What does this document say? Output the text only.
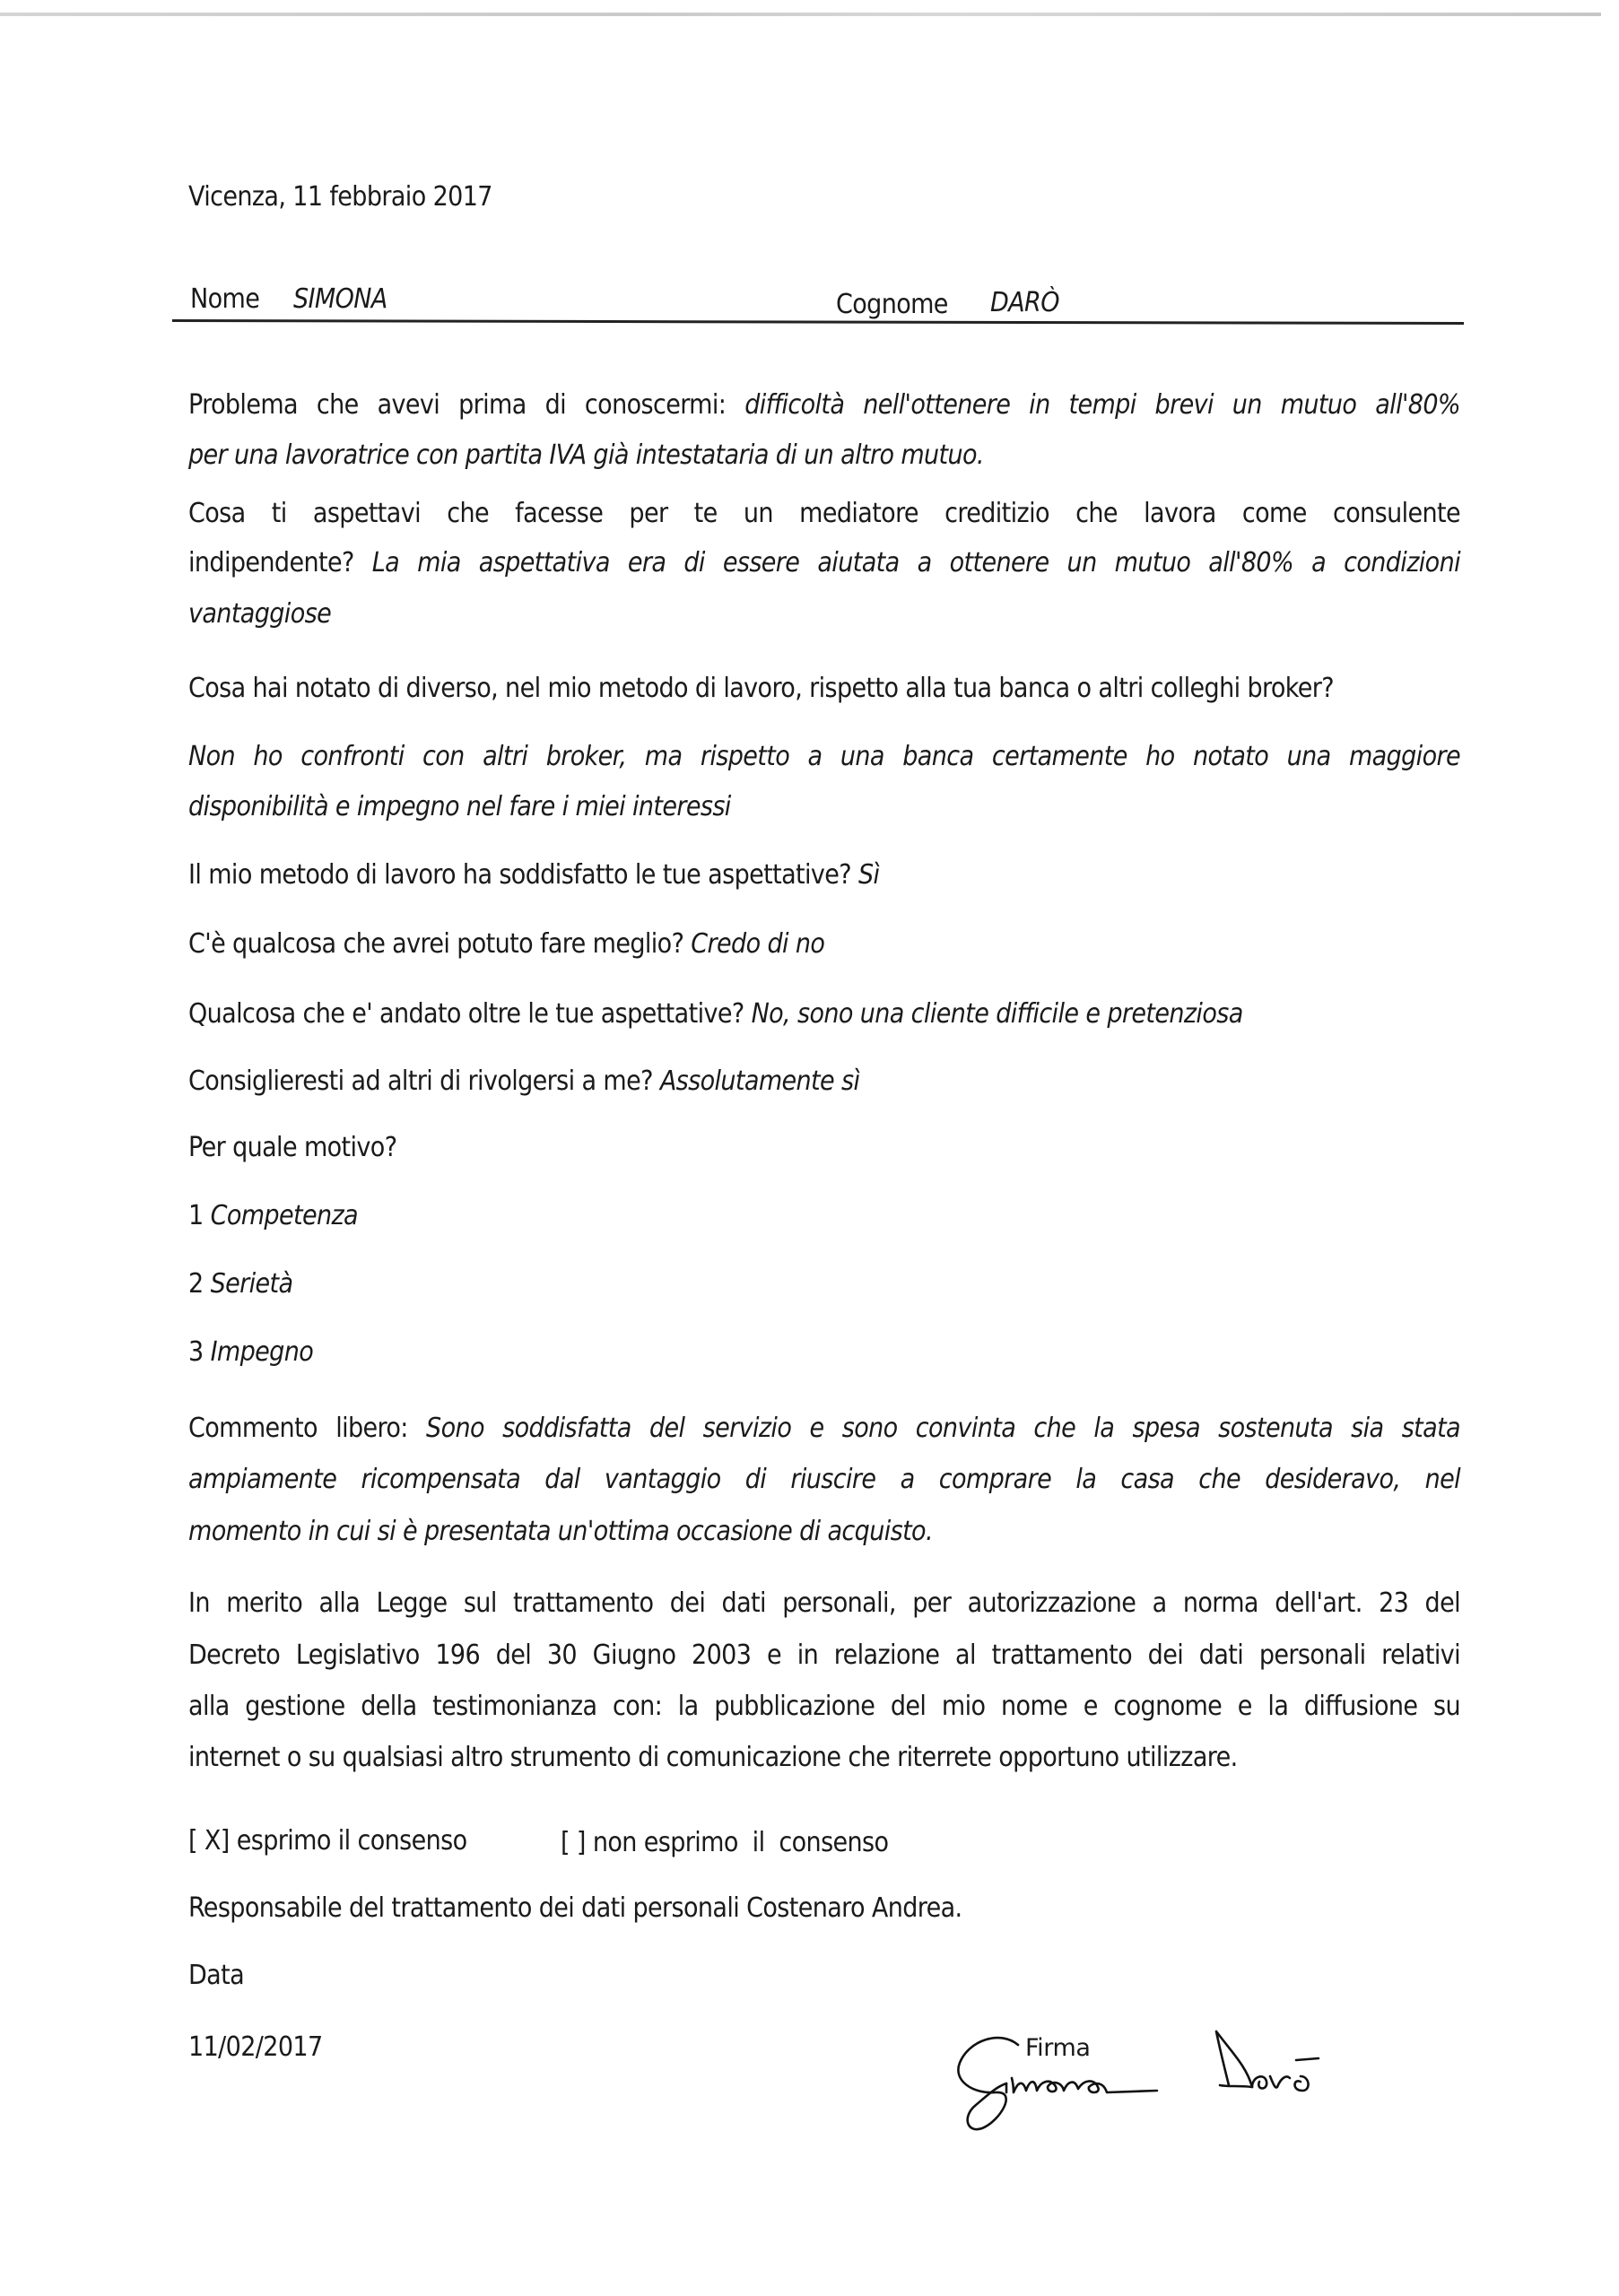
Vicenza, 11 febbraio 2017
Nome SIMONA	Cognome DARÒ
Problema che avevi prima di conoscermi: difficoltà nell'ottenere in tempi brevi un mutuo all'80%
per una lavoratrice con partita IVA già intestataria di un altro mutuo.
Cosa ti aspettavi che facesse per te un mediatore creditizio che lavora come consulente
indipendente? La mia aspettativa era di essere aiutata a ottenere un mutuo all'80% a condizioni
vantaggiose
Cosa hai notato di diverso, nel mio metodo di lavoro, rispetto alla tua banca o altri colleghi broker?
Non ho confronti con altri broker, ma rispetto a una banca certamente ho notato una maggiore
disponibilità e impegno nel fare i miei interessi
Il mio metodo di lavoro ha soddisfatto le tue aspettative? Sì
C'è qualcosa che avrei potuto fare meglio? Credo di no
Qualcosa che e' andato oltre le tue aspettative? No, sono una cliente difficile e pretenziosa
Consiglieresti ad altri di rivolgersi a me? Assolutamente sì
Per quale motivo?
1 Competenza
2 Serietà
3 Impegno
Commento libero: Sono soddisfatta del servizio e sono convinta che la spesa sostenuta sia stata
ampiamente ricompensata dal vantaggio di riuscire a comprare la casa che desideravo, nel
momento in cui si è presentata un'ottima occasione di acquisto.
In merito alla Legge sul trattamento dei dati personali, per autorizzazione a norma dell'art. 23 del
Decreto Legislativo 196 del 30 Giugno 2003 e in relazione al trattamento dei dati personali relativi
alla gestione della testimonianza con: la pubblicazione del mio nome e cognome e la diffusione su
internet o su qualsiasi altro strumento di comunicazione che riterrete opportuno utilizzare.
[ X] esprimo il consenso	[ ] non esprimo  il  consenso
Responsabile del trattamento dei dati personali Costenaro Andrea.
Data
11/02/2017	Firma
